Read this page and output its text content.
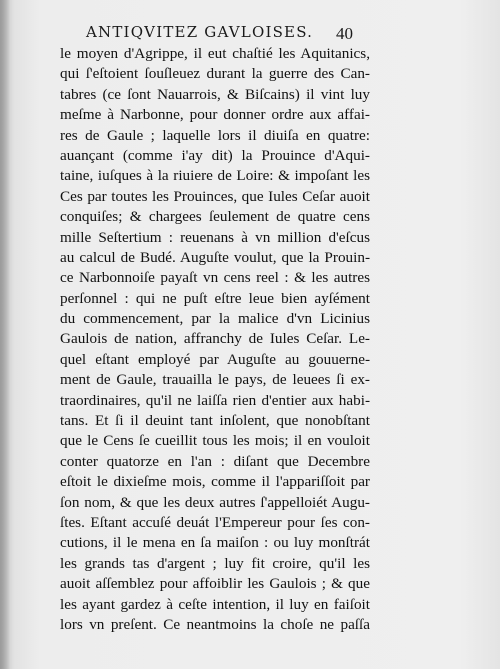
ANTIQVITEZ GAVLOISES.	40
le moyen d'Agrippe, il eut chaſtié les Aquitanics,
qui ſ'eſtoient ſouſleuez durant la guerre des Can-
tabres (ce ſont Nauarrois, & Biſcains) il vint luy
meſme à Narbonne, pour donner ordre aux affai-
res de Gaule ; laquelle lors il diuiſa en quatre:
auançant (comme i'ay dit) la Prouince d'Aqui-
taine, iuſques à la riuiere de Loire: & impoſant les
Ces par toutes les Prouinces, que Iules Ceſar auoit
conquiſes; & chargees ſeulement de quatre cens
mille Seſtertium : reuenans à vn million d'eſcus
au calcul de Budé. Auguſte voulut, que la Prouin-
ce Narbonnoiſe payaſt vn cens reel : & les autres
perſonnel : qui ne puſt eſtre leue bien ayſément
du commencement, par la malice d'vn Licinius
Gaulois de nation, affranchy de Iules Ceſar. Le-
quel eſtant employé par Auguſte au gouuerne-
ment de Gaule, trauailla le pays, de leuees ſi ex-
traordinaires, qu'il ne laiſſa rien d'entier aux habi-
tans. Et ſi il deuint tant inſolent, que nonobſtant
que le Cens ſe cueillit tous les mois; il en vouloit
conter quatorze en l'an : diſant que Decembre
eſtoit le dixieſme mois, comme il l'appariſſoit par
ſon nom, & que les deux autres ſ'appelloiét Augu-
ſtes. Eſtant accuſé deuát l'Empereur pour ſes con-
cutions, il le mena en ſa maiſon : ou luy monſtrát
les grands tas d'argent ; luy fit croire, qu'il les
auoit aſſemblez pour affoiblir les Gaulois ; & que
les ayant gardez à ceſte intention, il luy en faiſoit
lors vn preſent. Ce neantmoins la choſe ne paſſa
